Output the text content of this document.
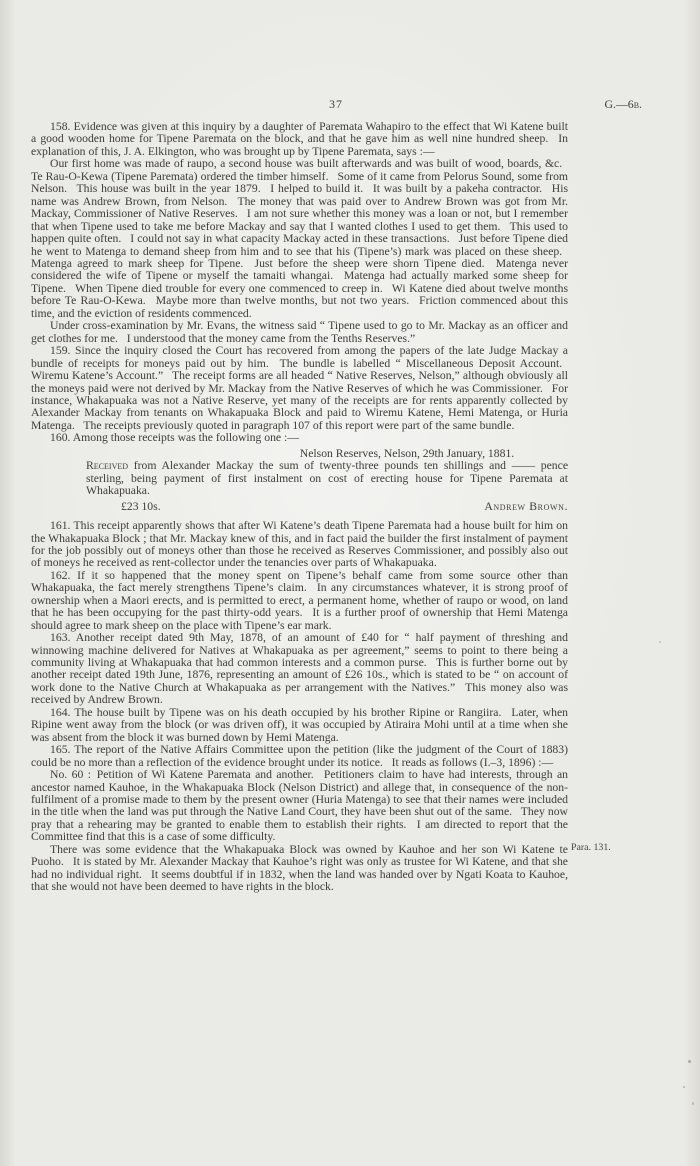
37	G.—6b.

158. Evidence was given at this inquiry by a daughter of Paremata Wahapiro to the effect that Wi Katene built a good wooden home for Tipene Paremata on the block, and that he gave him as well nine hundred sheep.  In explanation of this, J. A. Elkington, who was brought up by Tipene Paremata, says :—

Our first home was made of raupo, a second house was built afterwards and was built of wood, boards, &c.  Te Rau-O-Kewa (Tipene Paremata) ordered the timber himself.  Some of it came from Pelorus Sound, some from Nelson.  This house was built in the year 1879.  I helped to build it.  It was built by a pakeha contractor.  His name was Andrew Brown, from Nelson.  The money that was paid over to Andrew Brown was got from Mr. Mackay, Commissioner of Native Reserves.  I am not sure whether this money was a loan or not, but I remember that when Tipene used to take me before Mackay and say that I wanted clothes I used to get them.  This used to happen quite often.  I could not say in what capacity Mackay acted in these transactions.  Just before Tipene died he went to Matenga to demand sheep from him and to see that his (Tipene’s) mark was placed on these sheep.  Matenga agreed to mark sheep for Tipene.  Just before the sheep were shorn Tipene died.  Matenga never considered the wife of Tipene or myself the tamaiti whangai.  Matenga had actually marked some sheep for Tipene.  When Tipene died trouble for every one commenced to creep in.  Wi Katene died about twelve months before Te Rau-O-Kewa.  Maybe more than twelve months, but not two years.  Friction commenced about this time, and the eviction of residents commenced.

Under cross-examination by Mr. Evans, the witness said “ Tipene used to go to Mr. Mackay as an officer and get clothes for me.  I understood that the money came from the Tenths Reserves.”

159. Since the inquiry closed the Court has recovered from among the papers of the late Judge Mackay a bundle of receipts for moneys paid out by him.  The bundle is labelled “ Miscellaneous Deposit Account.  Wiremu Katene’s Account.”  The receipt forms are all headed “ Native Reserves, Nelson,” although obviously all the moneys paid were not derived by Mr. Mackay from the Native Reserves of which he was Commissioner.  For instance, Whakapuaka was not a Native Reserve, yet many of the receipts are for rents apparently collected by Alexander Mackay from tenants on Whakapuaka Block and paid to Wiremu Katene, Hemi Matenga, or Huria Matenga.  The receipts previously quoted in paragraph 107 of this report were part of the same bundle.

160. Among those receipts was the following one :—

Nelson Reserves, Nelson, 29th January, 1881.

Received from Alexander Mackay the sum of twenty-three pounds ten shillings and —— pence sterling, being payment of first instalment on cost of erecting house for Tipene Paremata at Whakapuaka.

£23 10s.	Andrew Brown.

161. This receipt apparently shows that after Wi Katene’s death Tipene Paremata had a house built for him on the Whakapuaka Block ; that Mr. Mackay knew of this, and in fact paid the builder the first instalment of payment for the job possibly out of moneys other than those he received as Reserves Commissioner, and possibly also out of moneys he received as rent-collector under the tenancies over parts of Whakapuaka.

162. If it so happened that the money spent on Tipene’s behalf came from some source other than Whakapuaka, the fact merely strengthens Tipene’s claim.  In any circumstances whatever, it is strong proof of ownership when a Maori erects, and is permitted to erect, a permanent home, whether of raupo or wood, on land that he has been occupying for the past thirty-odd years.  It is a further proof of ownership that Hemi Matenga should agree to mark sheep on the place with Tipene’s ear mark.

163. Another receipt dated 9th May, 1878, of an amount of £40 for “ half payment of threshing and winnowing machine delivered for Natives at Whakapuaka as per agreement,” seems to point to there being a community living at Whakapuaka that had common interests and a common purse.  This is further borne out by another receipt dated 19th June, 1876, representing an amount of £26 10s., which is stated to be “ on account of work done to the Native Church at Whakapuaka as per arrangement with the Natives.”  This money also was received by Andrew Brown.

164. The house built by Tipene was on his death occupied by his brother Ripine or Rangiira.  Later, when Ripine went away from the block (or was driven off), it was occupied by Atiraira Mohi until at a time when she was absent from the block it was burned down by Hemi Matenga.

165. The report of the Native Affairs Committee upon the petition (like the judgment of the Court of 1883) could be no more than a reflection of the evidence brought under its notice.  It reads as follows (I.–3, 1896) :—

No. 60 : Petition of Wi Katene Paremata and another.  Petitioners claim to have had interests, through an ancestor named Kauhoe, in the Whakapuaka Block (Nelson District) and allege that, in consequence of the non-fulfilment of a promise made to them by the present owner (Huria Matenga) to see that their names were included in the title when the land was put through the Native Land Court, they have been shut out of the same.  They now pray that a rehearing may be granted to enable them to establish their rights.  I am directed to report that the Committee find that this is a case of some difficulty.

There was some evidence that the Whakapuaka Block was owned by Kauhoe and her son Wi Katene te Puoho.  It is stated by Mr. Alexander Mackay that Kauhoe’s right was only as trustee for Wi Katene, and that she had no individual right.  It seems doubtful if in 1832, when the land was handed over by Ngati Koata to Kauhoe, that she would not have been deemed to have rights in the block.

Para. 131.
